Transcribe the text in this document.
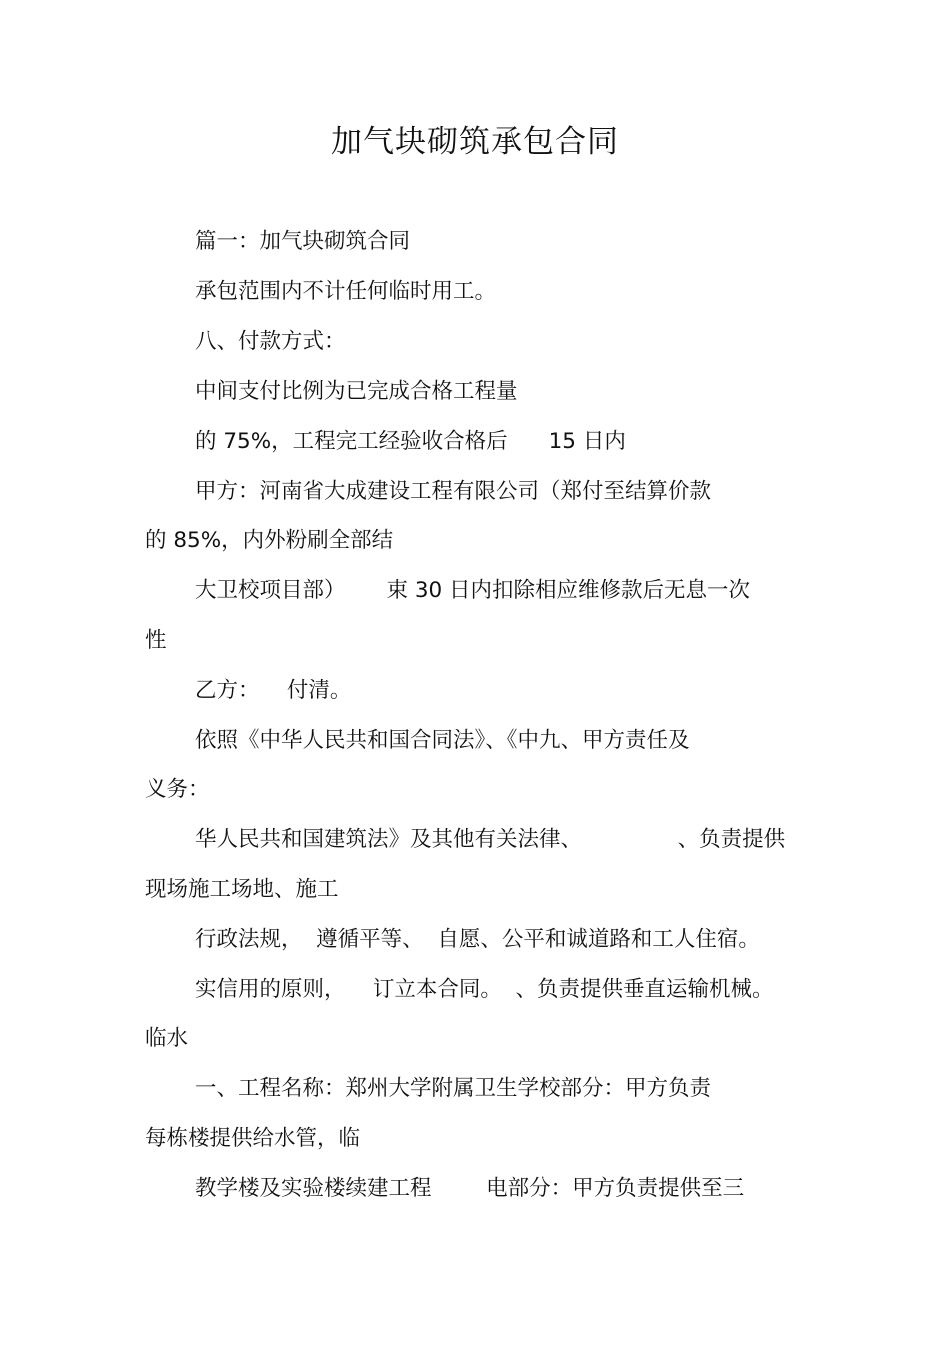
加气块砌筑承包合同
篇一：加气块砌筑合同
承包范围内不计任何临时用工。
八、付款方式：
中间支付比例为已完成合格工程量
的 75%，工程完工经验收合格后      15 日内
甲方：河南省大成建设工程有限公司（郑付至结算价款
的 85%，内外粉刷全部结
大卫校项目部）      束 30 日内扣除相应维修款后无息一次
性
乙方：    付清。
依照《中华人民共和国合同法》、《中九、甲方责任及
义务：
华人民共和国建筑法》及其他有关法律、              、负责提供
现场施工场地、施工
行政法规，  遵循平等、  自愿、公平和诚道路和工人住宿。
实信用的原则，    订立本合同。  、负责提供垂直运输机械。
临水
一、工程名称：郑州大学附属卫生学校部分：甲方负责
每栋楼提供给水管，临
教学楼及实验楼续建工程        电部分：甲方负责提供至三
